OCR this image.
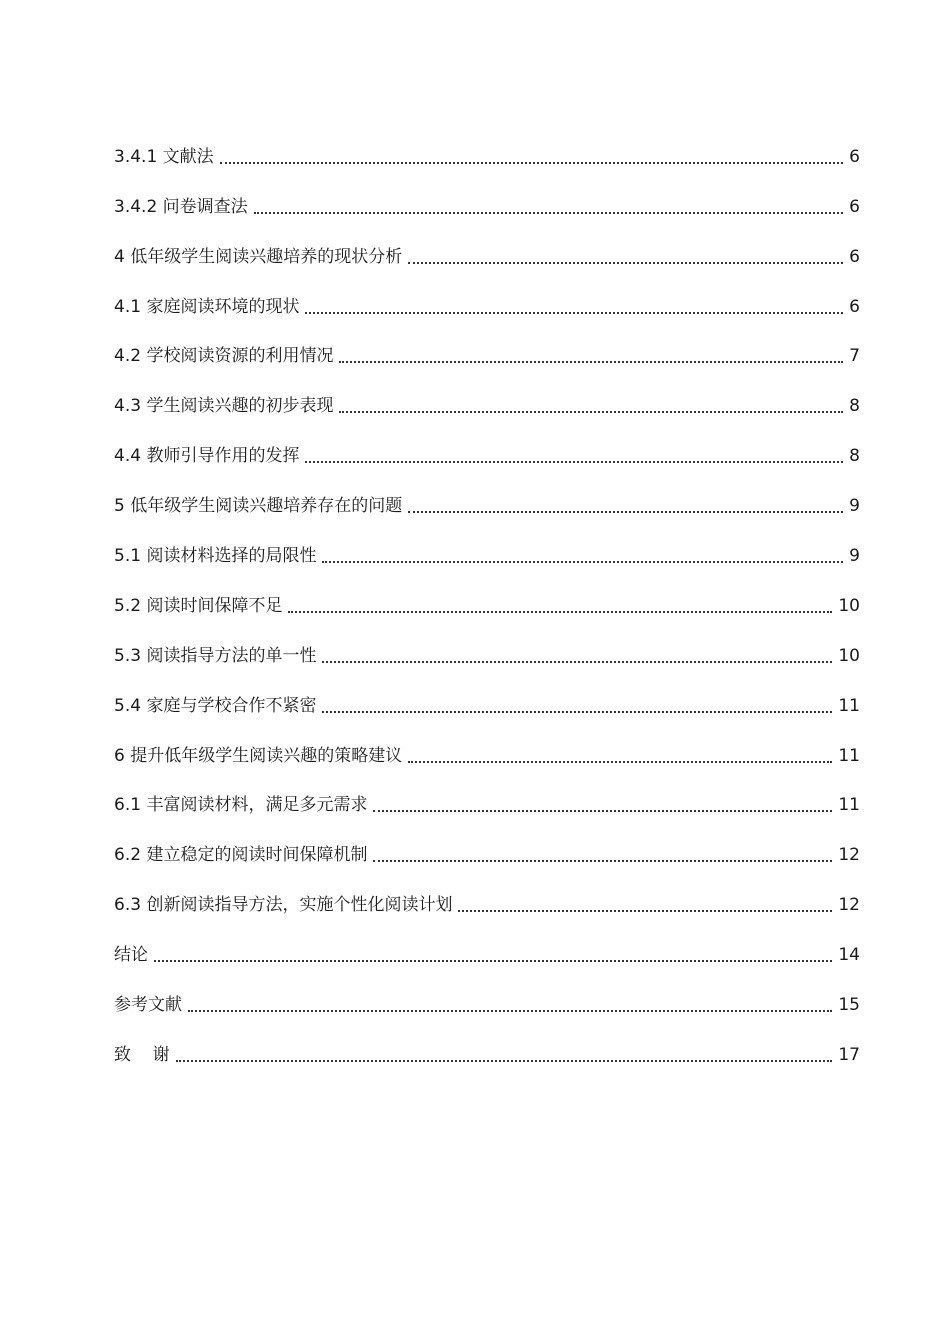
3.4.1 文献法	6
3.4.2 问卷调查法	6
4 低年级学生阅读兴趣培养的现状分析	6
4.1 家庭阅读环境的现状	6
4.2 学校阅读资源的利用情况	7
4.3 学生阅读兴趣的初步表现	8
4.4 教师引导作用的发挥	8
5 低年级学生阅读兴趣培养存在的问题	9
5.1 阅读材料选择的局限性	9
5.2 阅读时间保障不足	10
5.3 阅读指导方法的单一性	10
5.4 家庭与学校合作不紧密	11
6 提升低年级学生阅读兴趣的策略建议	11
6.1 丰富阅读材料，满足多元需求	11
6.2 建立稳定的阅读时间保障机制	12
6.3 创新阅读指导方法，实施个性化阅读计划	12
结论	14
参考文献	15
致    谢	17
